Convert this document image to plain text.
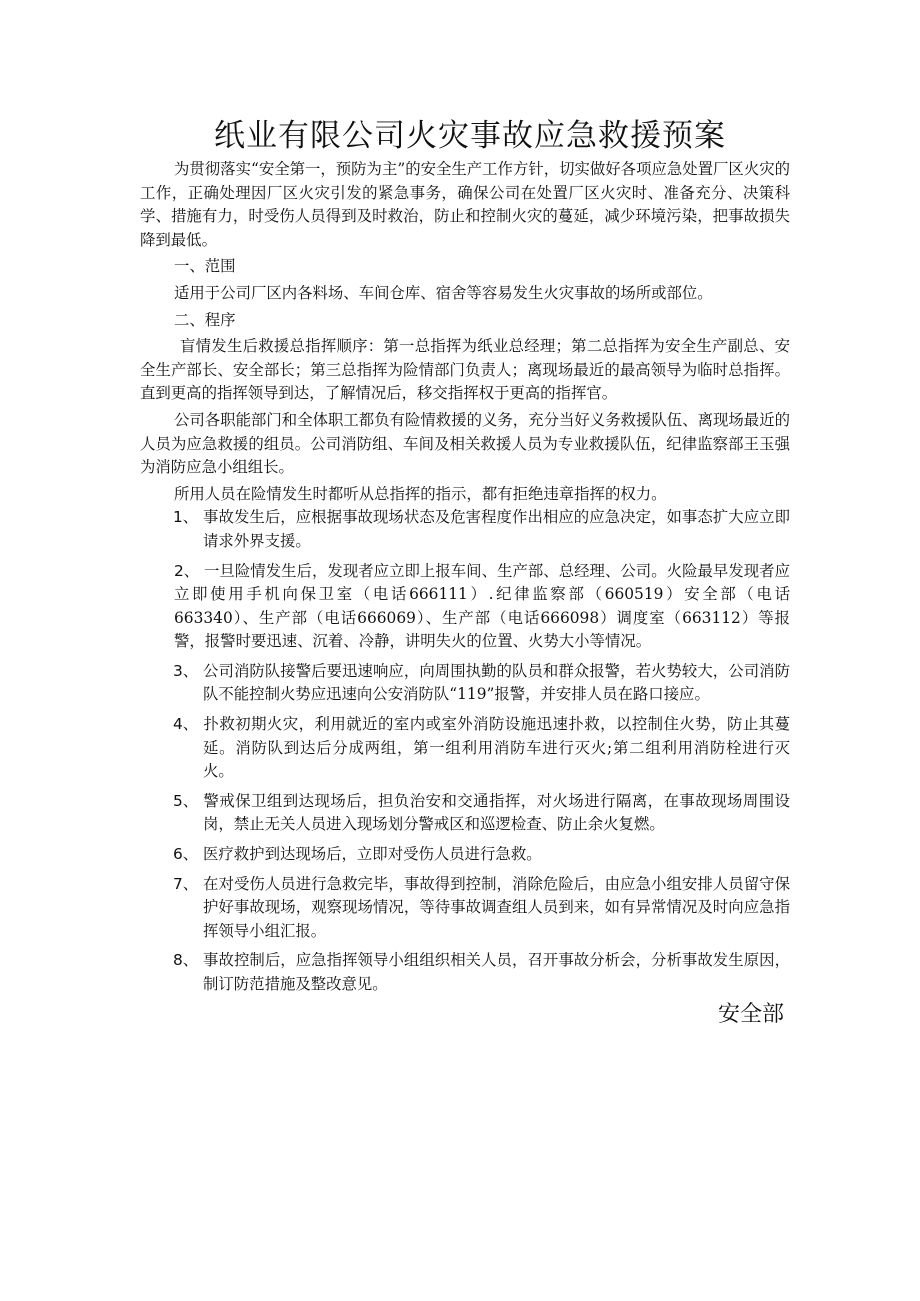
纸业有限公司火灾事故应急救援预案

为贯彻落实“安全第一，预防为主”的安全生产工作方针，切实做好各项应急处置厂区火灾的工作，正确处理因厂区火灾引发的紧急事务，确保公司在处置厂区火灾时、准备充分、决策科学、措施有力，时受伤人员得到及时救治，防止和控制火灾的蔓延，减少环境污染，把事故损失降到最低。

一、范围

适用于公司厂区内各料场、车间仓库、宿舍等容易发生火灾事故的场所或部位。

二、程序

盲情发生后救援总指挥顺序：第一总指挥为纸业总经理；第二总指挥为安全生产副总、安全生产部长、安全部长；第三总指挥为险情部门负责人；离现场最近的最高领导为临时总指挥。直到更高的指挥领导到达，了解情况后，移交指挥权于更高的指挥官。

公司各职能部门和全体职工都负有险情救援的义务，充分当好义务救援队伍、离现场最近的人员为应急救援的组员。公司消防组、车间及相关救援人员为专业救援队伍，纪律监察部王玉强为消防应急小组组长。

所用人员在险情发生时都听从总指挥的指示，都有拒绝违章指挥的权力。

1、 事故发生后，应根据事故现场状态及危害程度作出相应的应急决定，如事态扩大应立即请求外界支援。

2、 一旦险情发生后，发现者应立即上报车间、生产部、总经理、公司。火险最早发现者应立即使用手机向保卫室（电话666111）.纪律监察部（660519）安全部（电话663340）、生产部（电话666069）、生产部（电话666098）调度室（663112）等报警，报警时要迅速、沉着、冷静，讲明失火的位置、火势大小等情况。

3、 公司消防队接警后要迅速响应，向周围执勤的队员和群众报警，若火势较大，公司消防队不能控制火势应迅速向公安消防队“119”报警，并安排人员在路口接应。

4、 扑救初期火灾，利用就近的室内或室外消防设施迅速扑救，以控制住火势，防止其蔓延。消防队到达后分成两组，第一组利用消防车进行灭火;第二组利用消防栓进行灭火。

5、 警戒保卫组到达现场后，担负治安和交通指挥，对火场进行隔离，在事故现场周围设岗，禁止无关人员进入现场划分警戒区和巡逻检查、防止余火复燃。

6、 医疗救护到达现场后，立即对受伤人员进行急救。

7、 在对受伤人员进行急救完毕，事故得到控制，消除危险后，由应急小组安排人员留守保护好事故现场，观察现场情况，等待事故调查组人员到来，如有异常情况及时向应急指挥领导小组汇报。

8、 事故控制后，应急指挥领导小组组织相关人员，召开事故分析会，分析事故发生原因，制订防范措施及整改意见。

安全部
